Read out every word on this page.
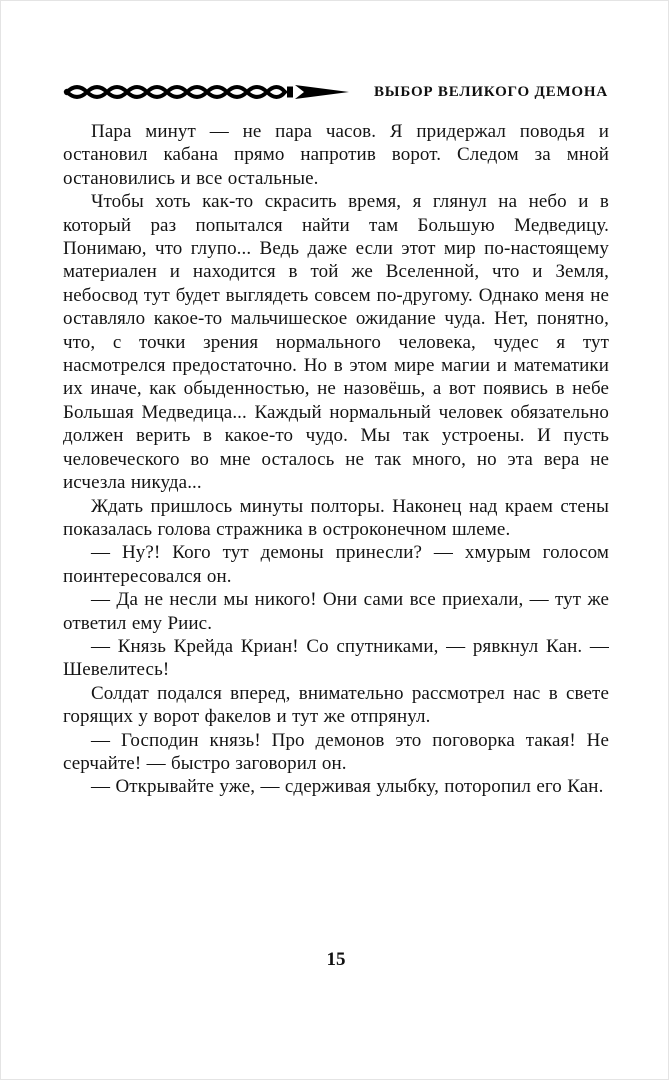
ВЫБОР ВЕЛИКОГО ДЕМОНА

Пара минут — не пара часов. Я придержал поводья и остановил кабана прямо напротив ворот. Следом за мной остановились и все остальные.

Чтобы хоть как-то скрасить время, я глянул на небо и в который раз попытался найти там Большую Медведицу. Понимаю, что глупо... Ведь даже если этот мир по-настоящему материален и находится в той же Вселенной, что и Земля, небосвод тут будет выглядеть совсем по-другому. Однако меня не оставляло какое-то мальчишеское ожидание чуда. Нет, понятно, что, с точки зрения нормального человека, чудес я тут насмотрелся предостаточно. Но в этом мире магии и математики их иначе, как обыденностью, не назовёшь, а вот появись в небе Большая Медведица... Каждый нормальный человек обязательно должен верить в какое-то чудо. Мы так устроены. И пусть человеческого во мне осталось не так много, но эта вера не исчезла никуда...

Ждать пришлось минуты полторы. Наконец над краем стены показалась голова стражника в остроконечном шлеме.

— Ну?! Кого тут демоны принесли? — хмурым голосом поинтересовался он.

— Да не несли мы никого! Они сами все приехали, — тут же ответил ему Риис.

— Князь Крейда Криан! Со спутниками, — рявкнул Кан. — Шевелитесь!

Солдат подался вперед, внимательно рассмотрел нас в свете горящих у ворот факелов и тут же отпрянул.

— Господин князь! Про демонов это поговорка такая! Не серчайте! — быстро заговорил он.

— Открывайте уже, — сдерживая улыбку, поторопил его Кан.

15
